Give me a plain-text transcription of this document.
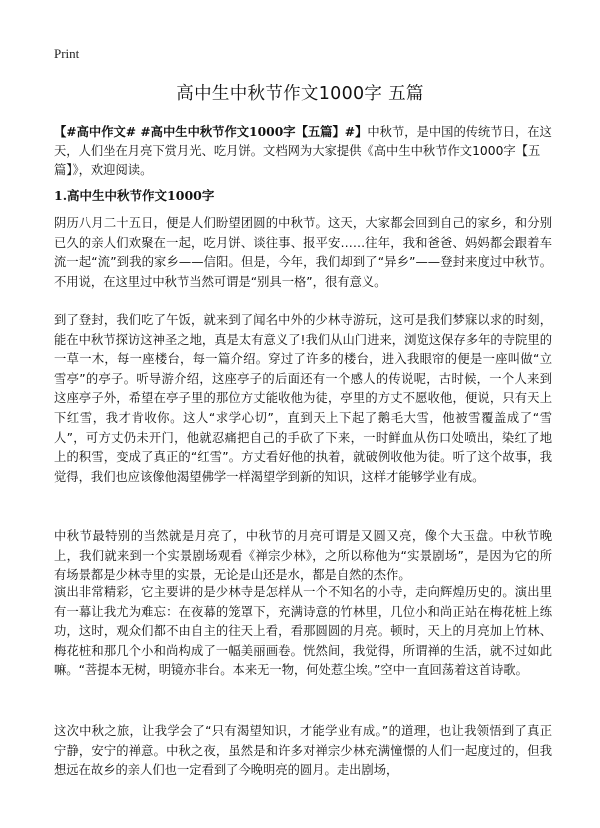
Print
高中生中秋节作文1000字 五篇

【#高中作文# #高中生中秋节作文1000字【五篇】#】中秋节，是中国的传统节日，在这天，人们坐在月亮下赏月光、吃月饼。文档网为大家提供《高中生中秋节作文1000字【五篇】》，欢迎阅读。

1.高中生中秋节作文1000字

阴历八月二十五日，便是人们盼望团圆的中秋节。这天，大家都会回到自己的家乡，和分别已久的亲人们欢聚在一起，吃月饼、谈往事、报平安……往年，我和爸爸、妈妈都会跟着车流一起“流”到我的家乡——信阳。但是，今年，我们却到了“异乡”——登封来度过中秋节。不用说，在这里过中秋节当然可谓是“别具一格”，很有意义。

到了登封，我们吃了午饭，就来到了闻名中外的少林寺游玩，这可是我们梦寐以求的时刻，能在中秋节探访这神圣之地，真是太有意义了!我们从山门进来，浏览这保存多年的寺院里的一草一木，每一座楼台，每一篇介绍。穿过了许多的楼台，进入我眼帘的便是一座叫做“立雪亭”的亭子。听导游介绍，这座亭子的后面还有一个感人的传说呢，古时候，一个人来到这座亭子外，希望在亭子里的那位方丈能收他为徒，亭里的方丈不愿收他，便说，只有天上下红雪，我才肯收你。这人“求学心切”，直到天上下起了鹅毛大雪，他被雪覆盖成了“雪人”，可方丈仍未开门，他就忍痛把自己的手砍了下来，一时鲜血从伤口处喷出，染红了地上的积雪，变成了真正的“红雪”。方丈看好他的执着，就破例收他为徒。听了这个故事，我觉得，我们也应该像他渴望佛学一样渴望学到新的知识，这样才能够学业有成。

中秋节最特别的当然就是月亮了，中秋节的月亮可谓是又圆又亮，像个大玉盘。中秋节晚上，我们就来到一个实景剧场观看《禅宗少林》，之所以称他为“实景剧场”，是因为它的所有场景都是少林寺里的实景，无论是山还是水，都是自然的杰作。

演出非常精彩，它主要讲的是少林寺是怎样从一个不知名的小寺，走向辉煌历史的。演出里有一幕让我尤为难忘：在夜幕的笼罩下，充满诗意的竹林里，几位小和尚正站在梅花桩上练功，这时，观众们都不由自主的往天上看，看那圆圆的月亮。顿时，天上的月亮加上竹林、梅花桩和那几个小和尚构成了一幅美丽画卷。恍然间，我觉得，所谓禅的生活，就不过如此嘛。“菩提本无树，明镜亦非台。本来无一物，何处惹尘埃。”空中一直回荡着这首诗歌。

这次中秋之旅，让我学会了“只有渴望知识，才能学业有成。”的道理，也让我领悟到了真正宁静，安宁的禅意。中秋之夜，虽然是和许多对禅宗少林充满憧憬的人们一起度过的，但我想远在故乡的亲人们也一定看到了今晚明亮的圆月。走出剧场，
